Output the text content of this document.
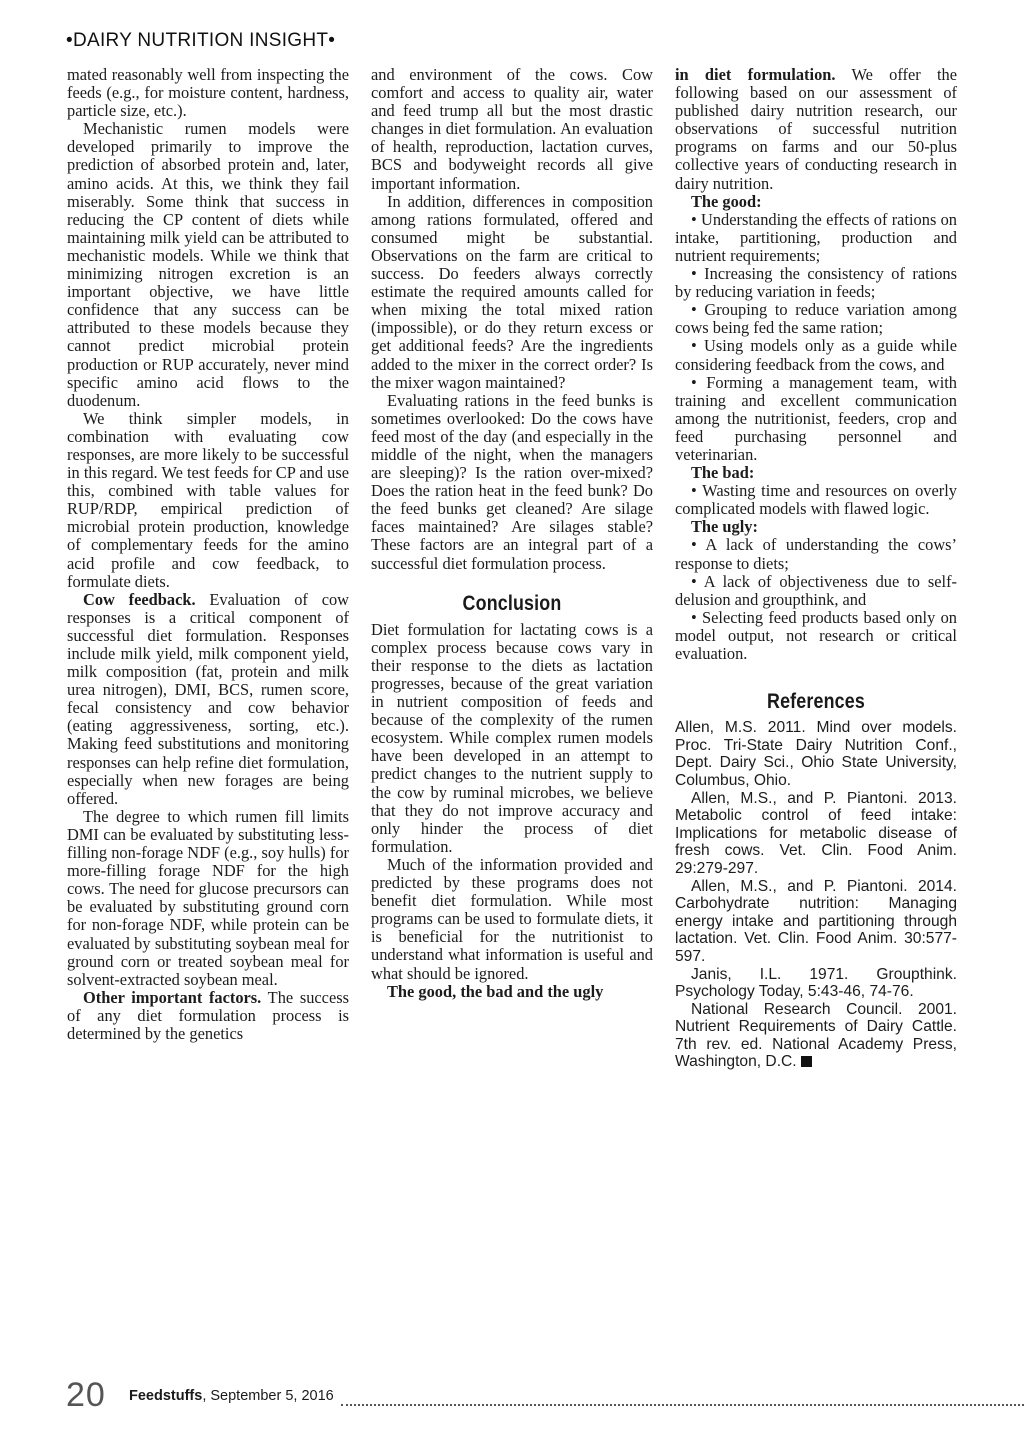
•DAIRY NUTRITION INSIGHT•

mated reasonably well from inspecting the feeds (e.g., for moisture content, hardness, particle size, etc.).

Mechanistic rumen models were developed primarily to improve the prediction of absorbed protein and, later, amino acids. At this, we think they fail miserably. Some think that success in reducing the CP content of diets while maintaining milk yield can be attributed to mechanistic models. While we think that minimizing nitrogen excretion is an important objective, we have little confidence that any success can be attributed to these models because they cannot predict microbial protein production or RUP accurately, never mind specific amino acid flows to the duodenum.

We think simpler models, in combination with evaluating cow responses, are more likely to be successful in this regard. We test feeds for CP and use this, combined with table values for RUP/RDP, empirical prediction of microbial protein production, knowledge of complementary feeds for the amino acid profile and cow feedback, to formulate diets.

Cow feedback. Evaluation of cow responses is a critical component of successful diet formulation. Responses include milk yield, milk component yield, milk composition (fat, protein and milk urea nitrogen), DMI, BCS, rumen score, fecal consistency and cow behavior (eating aggressiveness, sorting, etc.). Making feed substitutions and monitoring responses can help refine diet formulation, especially when new forages are being offered.

The degree to which rumen fill limits DMI can be evaluated by substituting less-filling non-forage NDF (e.g., soy hulls) for more-filling forage NDF for the high cows. The need for glucose precursors can be evaluated by substituting ground corn for non-forage NDF, while protein can be evaluated by substituting soybean meal for ground corn or treated soybean meal for solvent-extracted soybean meal.

Other important factors. The success of any diet formulation process is determined by the genetics

and environment of the cows. Cow comfort and access to quality air, water and feed trump all but the most drastic changes in diet formulation. An evaluation of health, reproduction, lactation curves, BCS and bodyweight records all give important information.

In addition, differences in composition among rations formulated, offered and consumed might be substantial. Observations on the farm are critical to success. Do feeders always correctly estimate the required amounts called for when mixing the total mixed ration (impossible), or do they return excess or get additional feeds? Are the ingredients added to the mixer in the correct order? Is the mixer wagon maintained?

Evaluating rations in the feed bunks is sometimes overlooked: Do the cows have feed most of the day (and especially in the middle of the night, when the managers are sleeping)? Is the ration over-mixed? Does the ration heat in the feed bunk? Do the feed bunks get cleaned? Are silage faces maintained? Are silages stable? These factors are an integral part of a successful diet formulation process.

Conclusion

Diet formulation for lactating cows is a complex process because cows vary in their response to the diets as lactation progresses, because of the great variation in nutrient composition of feeds and because of the complexity of the rumen ecosystem. While complex rumen models have been developed in an attempt to predict changes to the nutrient supply to the cow by ruminal microbes, we believe that they do not improve accuracy and only hinder the process of diet formulation.

Much of the information provided and predicted by these programs does not benefit diet formulation. While most programs can be used to formulate diets, it is beneficial for the nutritionist to understand what information is useful and what should be ignored.

The good, the bad and the ugly

in diet formulation. We offer the following based on our assessment of published dairy nutrition research, our observations of successful nutrition programs on farms and our 50-plus collective years of conducting research in dairy nutrition.

The good:

• Understanding the effects of rations on intake, partitioning, production and nutrient requirements;

• Increasing the consistency of rations by reducing variation in feeds;

• Grouping to reduce variation among cows being fed the same ration;

• Using models only as a guide while considering feedback from the cows, and

• Forming a management team, with training and excellent communication among the nutritionist, feeders, crop and feed purchasing personnel and veterinarian.

The bad:

• Wasting time and resources on overly complicated models with flawed logic.

The ugly:

• A lack of understanding the cows’ response to diets;

• A lack of objectiveness due to self-delusion and groupthink, and

• Selecting feed products based only on model output, not research or critical evaluation.

References

Allen, M.S. 2011. Mind over models. Proc. Tri-State Dairy Nutrition Conf., Dept. Dairy Sci., Ohio State University, Columbus, Ohio.

Allen, M.S., and P. Piantoni. 2013. Metabolic control of feed intake: Implications for metabolic disease of fresh cows. Vet. Clin. Food Anim. 29:279-297.

Allen, M.S., and P. Piantoni. 2014. Carbohydrate nutrition: Managing energy intake and partitioning through lactation. Vet. Clin. Food Anim. 30:577-597.

Janis, I.L. 1971. Groupthink. Psychology Today, 5:43-46, 74-76.

National Research Council. 2001. Nutrient Requirements of Dairy Cattle. 7th rev. ed. National Academy Press, Washington, D.C.

20 Feedstuffs, September 5, 2016
